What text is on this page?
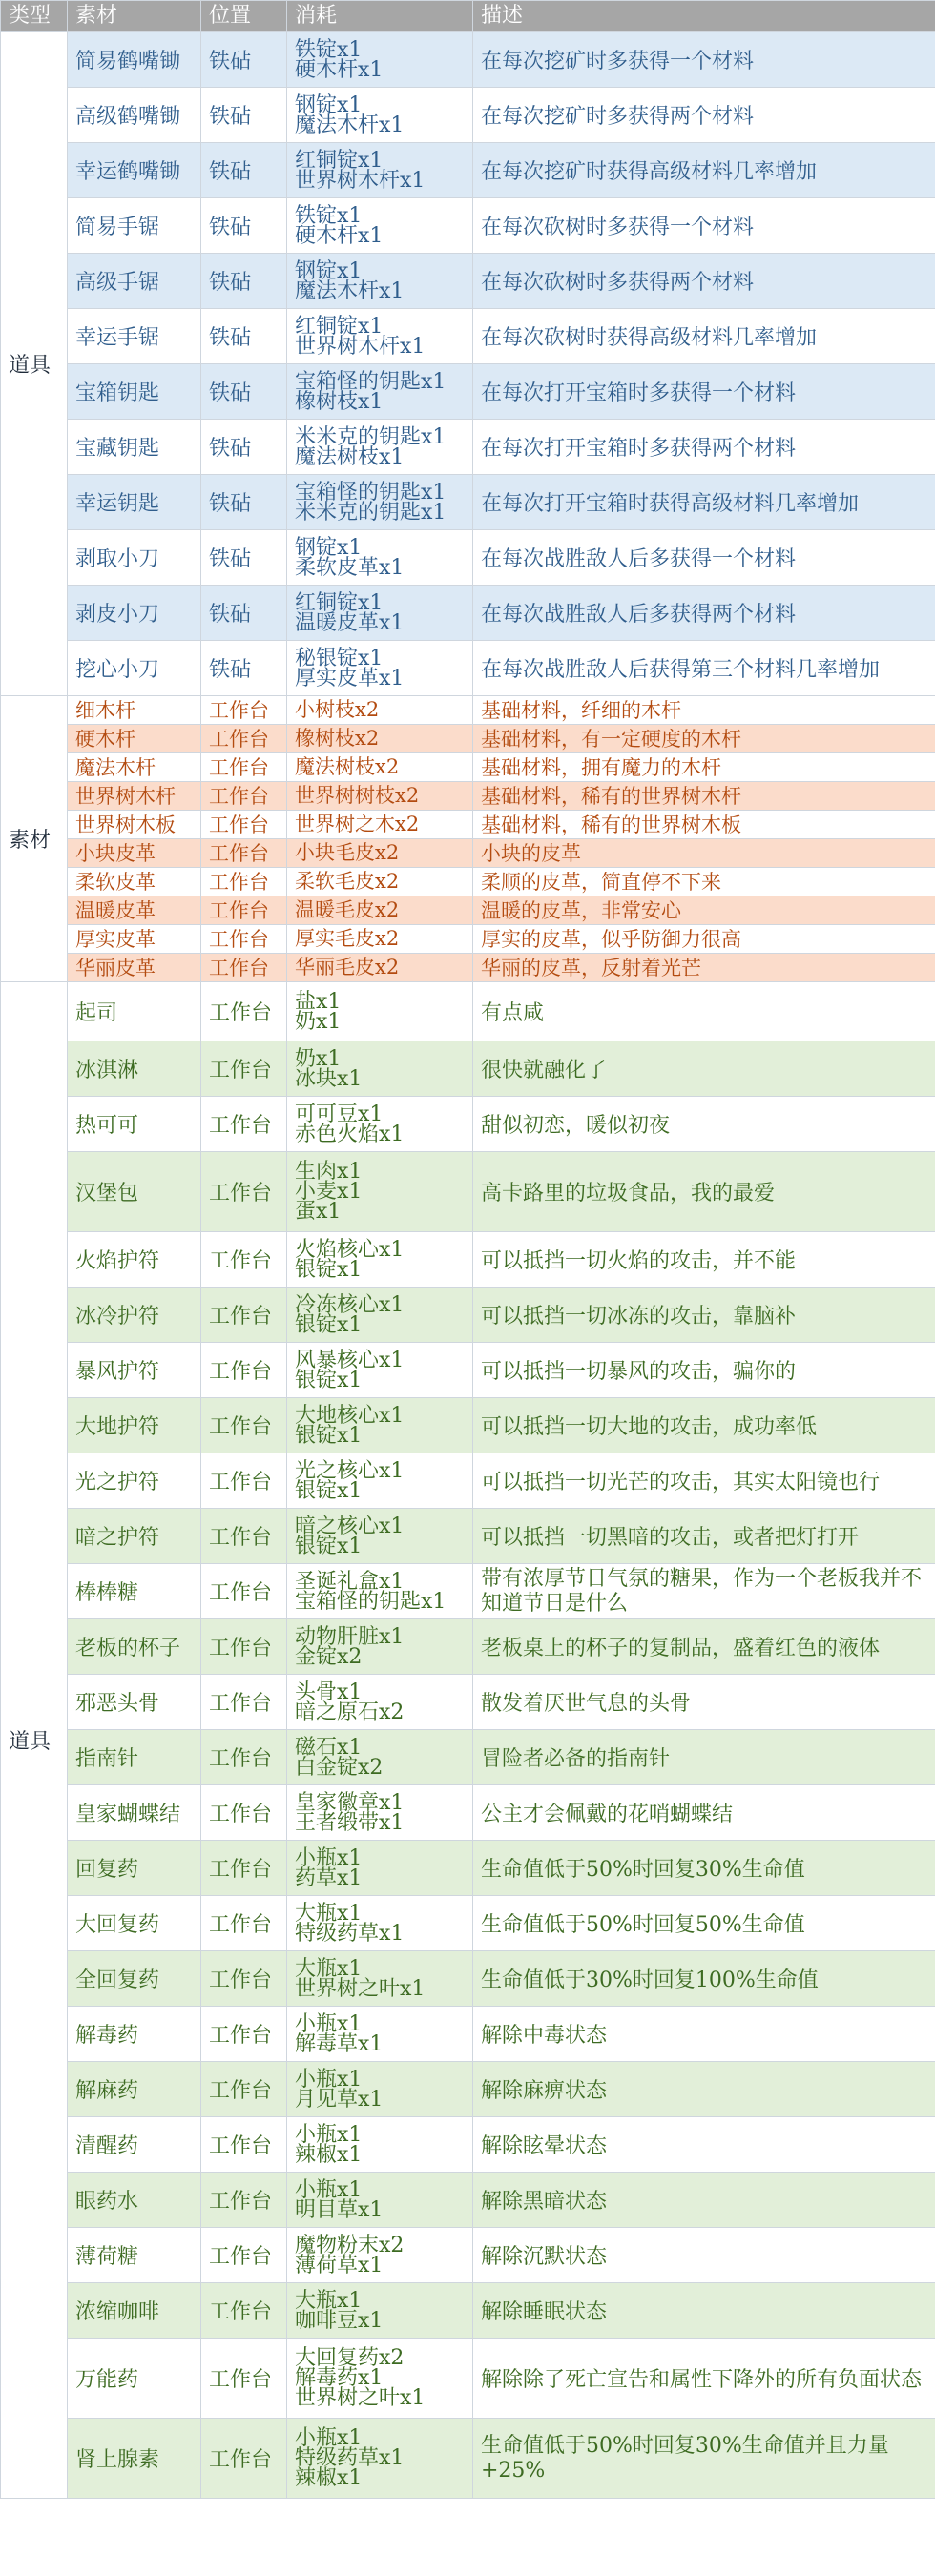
类型	素材	位置	消耗	描述
道具	简易鹤嘴锄	铁砧	铁锭x1
硬木杆x1	在每次挖矿时多获得一个材料
	高级鹤嘴锄	铁砧	钢锭x1
魔法木杆x1	在每次挖矿时多获得两个材料
	幸运鹤嘴锄	铁砧	红铜锭x1
世界树木杆x1	在每次挖矿时获得高级材料几率增加
	简易手锯	铁砧	铁锭x1
硬木杆x1	在每次砍树时多获得一个材料
	高级手锯	铁砧	钢锭x1
魔法木杆x1	在每次砍树时多获得两个材料
	幸运手锯	铁砧	红铜锭x1
世界树木杆x1	在每次砍树时获得高级材料几率增加
	宝箱钥匙	铁砧	宝箱怪的钥匙x1
橡树枝x1	在每次打开宝箱时多获得一个材料
	宝藏钥匙	铁砧	米米克的钥匙x1
魔法树枝x1	在每次打开宝箱时多获得两个材料
	幸运钥匙	铁砧	宝箱怪的钥匙x1
米米克的钥匙x1	在每次打开宝箱时获得高级材料几率增加
	剥取小刀	铁砧	钢锭x1
柔软皮革x1	在每次战胜敌人后多获得一个材料
	剥皮小刀	铁砧	红铜锭x1
温暖皮革x1	在每次战胜敌人后多获得两个材料
	挖心小刀	铁砧	秘银锭x1
厚实皮革x1	在每次战胜敌人后获得第三个材料几率增加
素材	细木杆	工作台	小树枝x2	基础材料，纤细的木杆
	硬木杆	工作台	橡树枝x2	基础材料，有一定硬度的木杆
	魔法木杆	工作台	魔法树枝x2	基础材料，拥有魔力的木杆
	世界树木杆	工作台	世界树树枝x2	基础材料，稀有的世界树木杆
	世界树木板	工作台	世界树之木x2	基础材料，稀有的世界树木板
	小块皮革	工作台	小块毛皮x2	小块的皮革
	柔软皮革	工作台	柔软毛皮x2	柔顺的皮革，简直停不下来
	温暖皮革	工作台	温暖毛皮x2	温暖的皮革，非常安心
	厚实皮革	工作台	厚实毛皮x2	厚实的皮革，似乎防御力很高
	华丽皮革	工作台	华丽毛皮x2	华丽的皮革，反射着光芒
道具	起司	工作台	盐x1
奶x1	有点咸
	冰淇淋	工作台	奶x1
冰块x1	很快就融化了
	热可可	工作台	可可豆x1
赤色火焰x1	甜似初恋，暖似初夜
	汉堡包	工作台	生肉x1
小麦x1
蛋x1	高卡路里的垃圾食品，我的最爱
	火焰护符	工作台	火焰核心x1
银锭x1	可以抵挡一切火焰的攻击，并不能
	冰冷护符	工作台	冷冻核心x1
银锭x1	可以抵挡一切冰冻的攻击，靠脑补
	暴风护符	工作台	风暴核心x1
银锭x1	可以抵挡一切暴风的攻击，骗你的
	大地护符	工作台	大地核心x1
银锭x1	可以抵挡一切大地的攻击，成功率低
	光之护符	工作台	光之核心x1
银锭x1	可以抵挡一切光芒的攻击，其实太阳镜也行
	暗之护符	工作台	暗之核心x1
银锭x1	可以抵挡一切黑暗的攻击，或者把灯打开
	棒棒糖	工作台	圣诞礼盒x1
宝箱怪的钥匙x1	带有浓厚节日气氛的糖果，作为一个老板我并不知道节日是什么
	老板的杯子	工作台	动物肝脏x1
金锭x2	老板桌上的杯子的复制品，盛着红色的液体
	邪恶头骨	工作台	头骨x1
暗之原石x2	散发着厌世气息的头骨
	指南针	工作台	磁石x1
白金锭x2	冒险者必备的指南针
	皇家蝴蝶结	工作台	皇家徽章x1
王者缎带x1	公主才会佩戴的花哨蝴蝶结
	回复药	工作台	小瓶x1
药草x1	生命值低于50%时回复30%生命值
	大回复药	工作台	大瓶x1
特级药草x1	生命值低于50%时回复50%生命值
	全回复药	工作台	大瓶x1
世界树之叶x1	生命值低于30%时回复100%生命值
	解毒药	工作台	小瓶x1
解毒草x1	解除中毒状态
	解麻药	工作台	小瓶x1
月见草x1	解除麻痹状态
	清醒药	工作台	小瓶x1
辣椒x1	解除眩晕状态
	眼药水	工作台	小瓶x1
明目草x1	解除黑暗状态
	薄荷糖	工作台	魔物粉末x2
薄荷草x1	解除沉默状态
	浓缩咖啡	工作台	大瓶x1
咖啡豆x1	解除睡眠状态
	万能药	工作台	大回复药x2
解毒药x1
世界树之叶x1	解除除了死亡宣告和属性下降外的所有负面状态
	肾上腺素	工作台	小瓶x1
特级药草x1
辣椒x1	生命值低于50%时回复30%生命值并且力量+25%
